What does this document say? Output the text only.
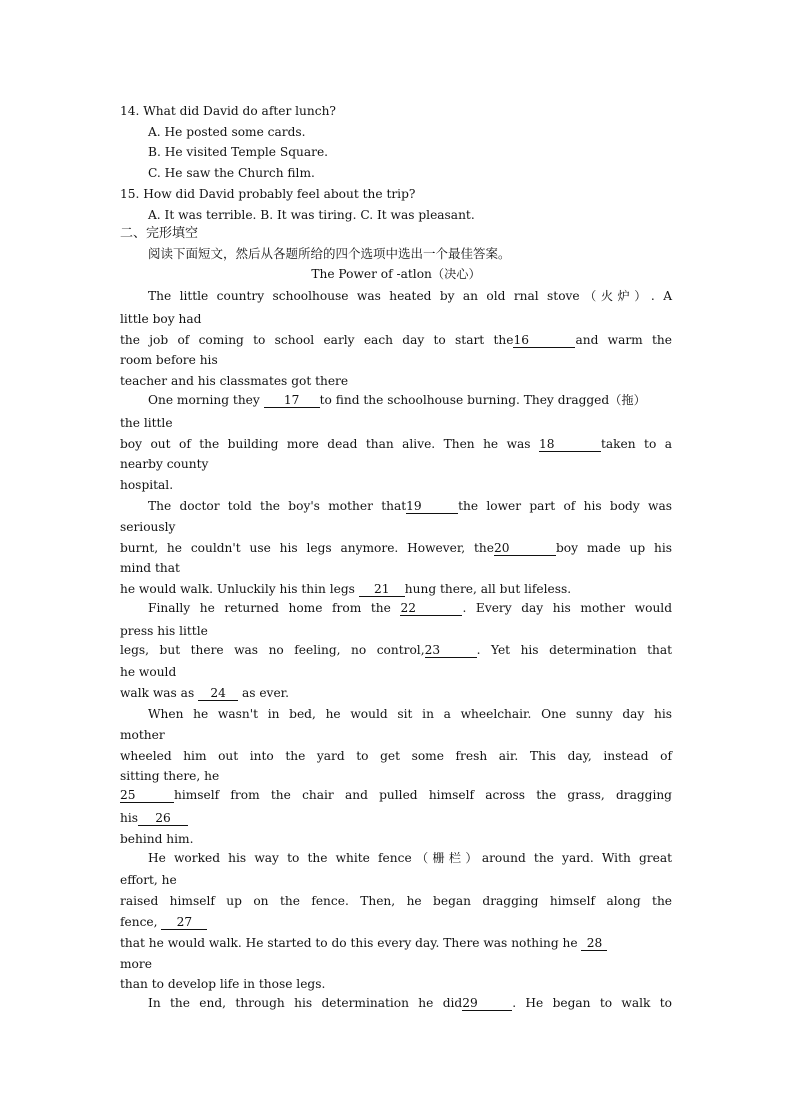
14. What did David do after lunch?
A. He posted some cards.
B. He visited Temple Square.
C. He saw the Church film.
15. How did David probably feel about the trip?
A. It was terrible. B. It was tiring. C. It was pleasant.
二、完形填空
阅读下面短文，然后从各题所给的四个选项中选出一个最佳答案。
The Power of -atlon（决心）
The little country schoolhouse was heated by an old rnal stove（火炉）. A
little boy had
the job of coming to school early each day to start the16	and warm the
room before his
teacher and his classmates got there
One morning they 17 to find the schoolhouse burning. They dragged（拖）
the little
boy out of the building more dead than alive. Then he was 18	taken to a
nearby county
hospital.
The doctor told the boy's mother that19	the lower part of his body was
seriously
burnt, he couldn't use his legs anymore. However, the20	boy made up his
mind that
he would walk. Unluckily his thin legs 21 hung there, all but lifeless.
Finally he returned home from the 22	. Every day his mother would
press his little
legs, but there was no feeling, no control,23	. Yet his determination that
he would
walk was as 24 as ever.
When he wasn't in bed, he would sit in a wheelchair. One sunny day his
mother
wheeled him out into the yard to get some fresh air. This day, instead of
sitting there, he
25	himself from the chair and pulled himself across the grass, dragging
his 26
behind him.
He worked his way to the white fence（栅栏）around the yard. With great
effort, he
raised himself up on the fence. Then, he began dragging himself along the
fence, 27
that he would walk. He started to do this every day. There was nothing he 28
more
than to develop life in those legs.
In the end, through his determination he did29	. He began to walk to
